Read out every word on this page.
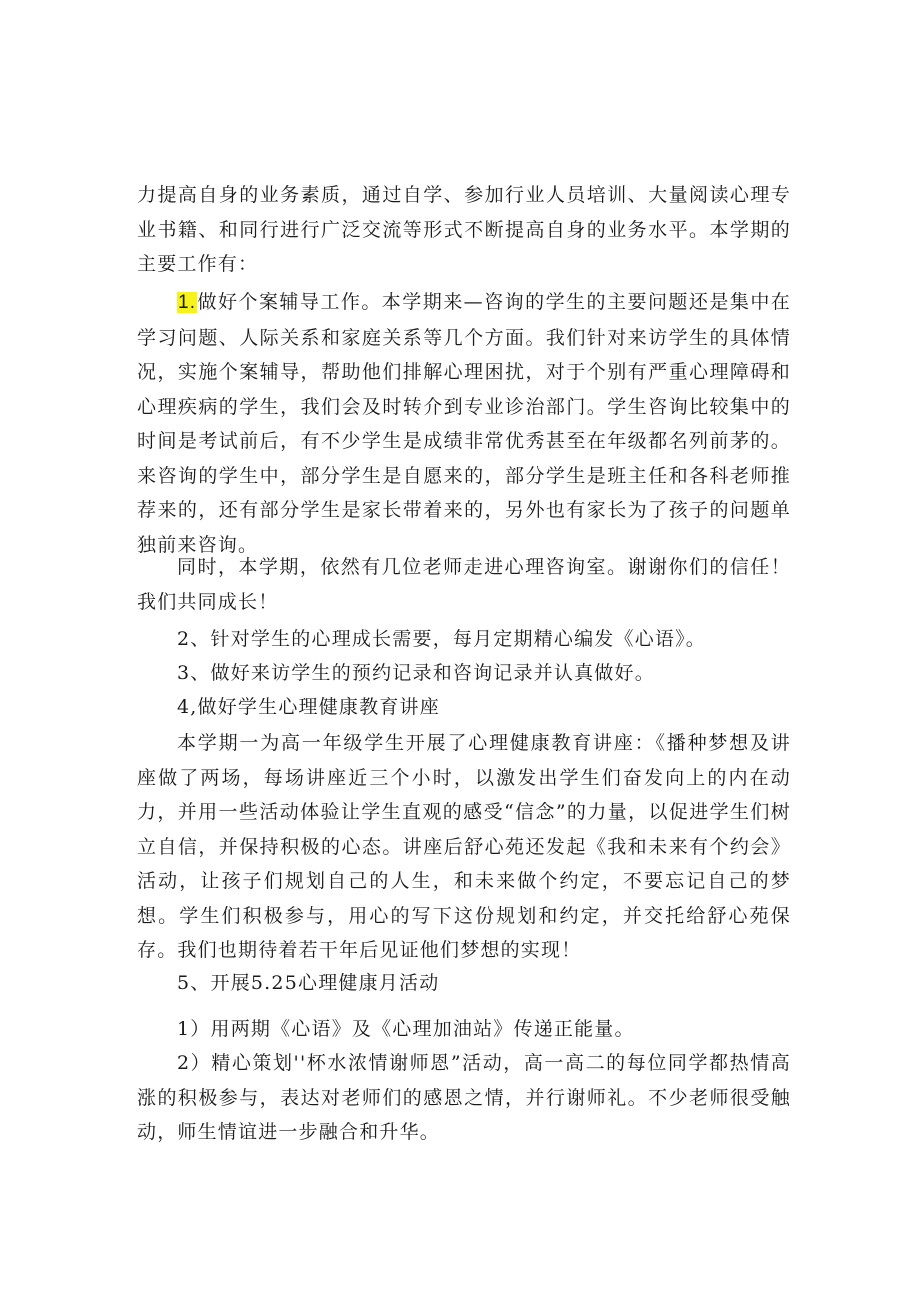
力提高自身的业务素质，通过自学、参加行业人员培训、大量阅读心理专业书籍、和同行进行广泛交流等形式不断提高自身的业务水平。本学期的主要工作有：

1.做好个案辅导工作。本学期来—咨询的学生的主要问题还是集中在学习问题、人际关系和家庭关系等几个方面。我们针对来访学生的具体情况，实施个案辅导，帮助他们排解心理困扰，对于个别有严重心理障碍和心理疾病的学生，我们会及时转介到专业诊治部门。学生咨询比较集中的时间是考试前后，有不少学生是成绩非常优秀甚至在年级都名列前茅的。来咨询的学生中，部分学生是自愿来的，部分学生是班主任和各科老师推荐来的，还有部分学生是家长带着来的，另外也有家长为了孩子的问题单独前来咨询。

同时，本学期，依然有几位老师走进心理咨询室。谢谢你们的信任！我们共同成长！

2、针对学生的心理成长需要，每月定期精心编发《心语》。

3、做好来访学生的预约记录和咨询记录并认真做好。

4,做好学生心理健康教育讲座

本学期一为高一年级学生开展了心理健康教育讲座：《播种梦想及讲座做了两场，每场讲座近三个小时，以激发出学生们奋发向上的内在动力，并用一些活动体验让学生直观的感受“信念”的力量，以促进学生们树立自信，并保持积极的心态。讲座后舒心苑还发起《我和未来有个约会》活动，让孩子们规划自己的人生，和未来做个约定，不要忘记自己的梦想。学生们积极参与，用心的写下这份规划和约定，并交托给舒心苑保存。我们也期待着若干年后见证他们梦想的实现！

5、开展5.25心理健康月活动

1）用两期《心语》及《心理加油站》传递正能量。

2）精心策划''杯水浓情谢师恩”活动，高一高二的每位同学都热情高涨的积极参与，表达对老师们的感恩之情，并行谢师礼。不少老师很受触动，师生情谊进一步融合和升华。
